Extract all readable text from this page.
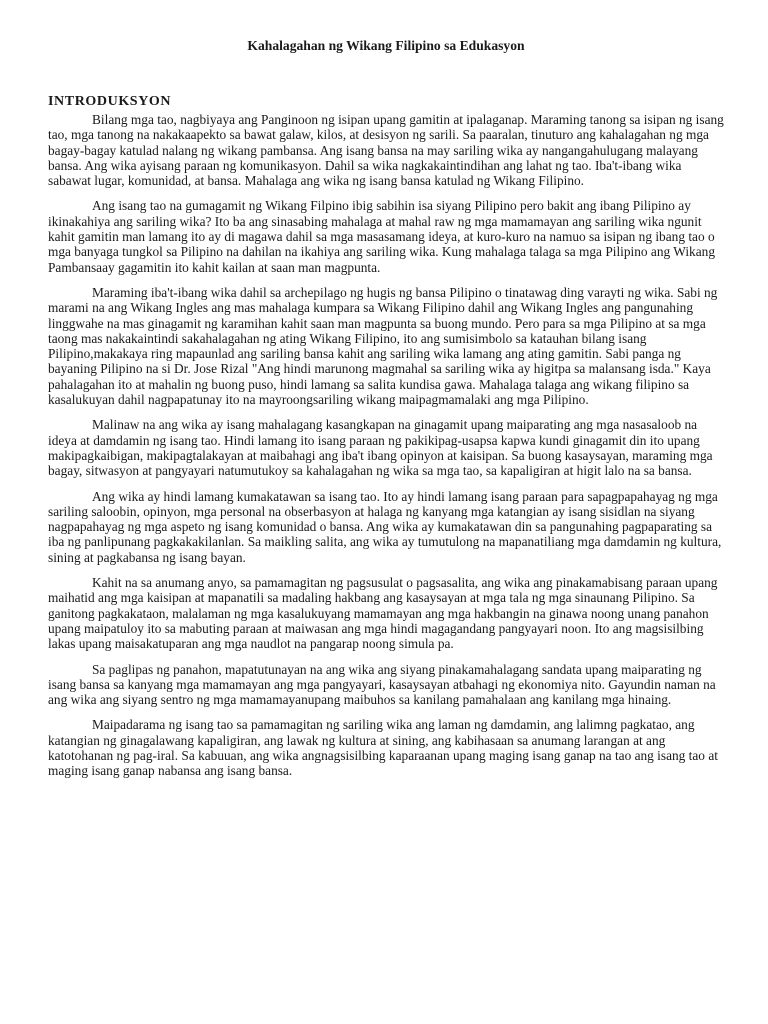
Kahalagahan ng Wikang Filipino sa Edukasyon
INTRODUKSYON

Bilang mga tao, nagbiyaya ang Panginoon ng isipan upang gamitin at ipalaganap. Maraming tanong sa isipan ng isang tao, mga tanong na nakakaapekto sa bawat galaw, kilos, at desisyon ng sarili. Sa paaralan, tinuturo ang kahalagahan ng mga bagay-bagay katulad nalang ng wikang pambansa. Ang isang bansa na may sariling wika ay nangangahulugang malayang bansa. Ang wika ayisang paraan ng komunikasyon. Dahil sa wika nagkakaintindihan ang lahat ng tao. Iba't-ibang wika sabawat lugar, komunidad, at bansa. Mahalaga ang wika ng isang bansa katulad ng Wikang Filipino.

Ang isang tao na gumagamit ng Wikang Filpino ibig sabihin isa siyang Pilipino pero bakit ang ibang Pilipino ay ikinakahiya ang sariling wika? Ito ba ang sinasabing mahalaga at mahal raw ng mga mamamayan ang sariling wika ngunit kahit gamitin man lamang ito ay di magawa dahil sa mga masasamang ideya, at kuro-kuro na namuo sa isipan ng ibang tao o mga banyaga tungkol sa Pilipino na dahilan na ikahiya ang sariling wika. Kung mahalaga talaga sa mga Pilipino ang Wikang Pambansaay gagamitin ito kahit kailan at saan man magpunta.

Maraming iba't-ibang wika dahil sa archepilago ng hugis ng bansa Pilipino o tinatawag ding varayti ng wika. Sabi ng marami na ang Wikang Ingles ang mas mahalaga kumpara sa Wikang Filipino dahil ang Wikang Ingles ang pangunahing linggwahe na mas ginagamit ng karamihan kahit saan man magpunta sa buong mundo. Pero para sa mga Pilipino at sa mga taong mas nakakaintindi sakahalagahan ng ating Wikang Filipino, ito ang sumisimbolo sa katauhan bilang isang Pilipino,makakaya ring mapaunlad ang sariling bansa kahit ang sariling wika lamang ang ating gamitin. Sabi panga ng bayaning Pilipino na si Dr. Jose Rizal "Ang hindi marunong magmahal sa sariling wika ay higitpa sa malansang isda." Kaya pahalagahan ito at mahalin ng buong puso, hindi lamang sa salita kundisa gawa. Mahalaga talaga ang wikang filipino sa kasalukuyan dahil nagpapatunay ito na mayroongsariling wikang maipagmamalaki ang mga Pilipino.

Malinaw na ang wika ay isang mahalagang kasangkapan na ginagamit upang maiparating ang mga nasasaloob na ideya at damdamin ng isang tao. Hindi lamang ito isang paraan ng pakikipag-usapsa kapwa kundi ginagamit din ito upang makipagkaibigan, makipagtalakayan at maibahagi ang iba't ibang opinyon at kaisipan. Sa buong kasaysayan, maraming mga bagay, sitwasyon at pangyayari natumutukoy sa kahalagahan ng wika sa mga tao, sa kapaligiran at higit lalo na sa bansa.

Ang wika ay hindi lamang kumakatawan sa isang tao. Ito ay hindi lamang isang paraan para sapagpapahayag ng mga sariling saloobin, opinyon, mga personal na obserbasyon at halaga ng kanyang mga katangian ay isang sisidlan na siyang nagpapahayag ng mga aspeto ng isang komunidad o bansa. Ang wika ay kumakatawan din sa pangunahing pagpaparating sa iba ng panlipunang pagkakakilanlan. Sa maikling salita, ang wika ay tumutulong na mapanatiliang mga damdamin ng kultura, sining at pagkabansa ng isang bayan.

Kahit na sa anumang anyo, sa pamamagitan ng pagsusulat o pagsasalita, ang wika ang pinakamabisang paraan upang maihatid ang mga kaisipan at mapanatili sa madaling hakbang ang kasaysayan at mga tala ng mga sinaunang Pilipino. Sa ganitong pagkakataon, malalaman ng mga kasalukuyang mamamayan ang mga hakbangin na ginawa noong unang panahon upang maipatuloy ito sa mabuting paraan at maiwasan ang mga hindi magagandang pangyayari noon. Ito ang magsisilbing lakas upang maisakatuparan ang mga naudlot na pangarap noong simula pa.

Sa paglipas ng panahon, mapatutunayan na ang wika ang siyang pinakamahalagang sandata upang maiparating ng isang bansa sa kanyang mga mamamayan ang mga pangyayari, kasaysayan atbahagi ng ekonomiya nito. Gayundin naman na ang wika ang siyang sentro ng mga mamamayanupang maibuhos sa kanilang pamahalaan ang kanilang mga hinaing.

Maipadarama ng isang tao sa pamamagitan ng sariling wika ang laman ng damdamin, ang lalimng pagkatao, ang katangian ng ginagalawang kapaligiran, ang lawak ng kultura at sining, ang kabihasaan sa anumang larangan at ang katotohanan ng pag-iral. Sa kabuuan, ang wika angnagsisilbing kaparaanan upang maging isang ganap na tao ang isang tao at maging isang ganap nabansa ang isang bansa.
